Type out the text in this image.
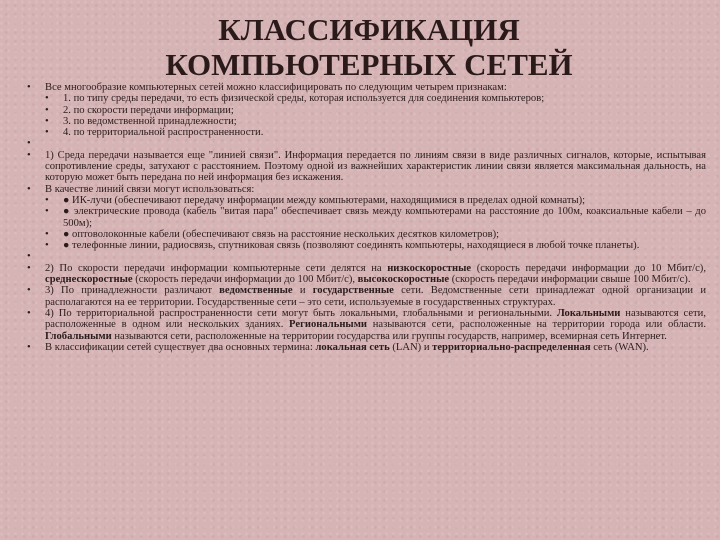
КЛАССИФИКАЦИЯ
КОМПЬЮТЕРНЫХ СЕТЕЙ
• Все многообразие компьютерных сетей можно классифицировать по следующим четырем признакам:
• 1. по типу среды передачи, то есть физической среды, которая используется для соединения компьютеров;
• 2. по скорости передачи информации;
• 3. по ведомственной принадлежности;
• 4. по территориальной распространенности.
•

• 1) Среда передачи называется еще "линией связи". Информация передается по линиям связи в виде различных сигналов, которые, испытывая сопротивление среды, затухают с расстоянием. Поэтому одной из важнейших характеристик линии связи является максимальная дальность, на которую может быть передана по ней информация без искажения.
• В качестве линий связи могут использоваться:
• ● ИК-лучи (обеспечивают передачу информации между компьютерами, находящимися в пределах одной комнаты);
• ● электрические провода (кабель "витая пара" обеспечивает связь между компьютерами на расстояние до 100м, коаксиальные кабели – до 500м);
• ● оптоволоконные кабели (обеспечивают связь на расстояние нескольких десятков километров);
• ● телефонные линии, радиосвязь, спутниковая связь (позволяют соединять компьютеры, находящиеся в любой точке планеты).
•

• 2) По скорости передачи информации компьютерные сети делятся на низкоскоростные (скорость передачи информации до 10 Мбит/с), среднескоростные (скорость передачи информации до 100 Мбит/с), высокоскоростные (скорость передачи информации свыше 100 Мбит/с).
• 3) По принадлежности различают ведомственные и государственные сети. Ведомственные сети принадлежат одной организации и располагаются на ее территории. Государственные сети – это сети, используемые в государственных структурах.
• 4) По территориальной распространенности сети могут быть локальными, глобальными и региональными. Локальными называются сети, расположенные в одном или нескольких зданиях. Региональными называются сети, расположенные на территории города или области. Глобальными называются сети, расположенные на территории государства или группы государств, например, всемирная сеть Интернет.
• В классификации сетей существует два основных термина: локальная сеть (LAN) и территориально-распределенная сеть (WAN).
